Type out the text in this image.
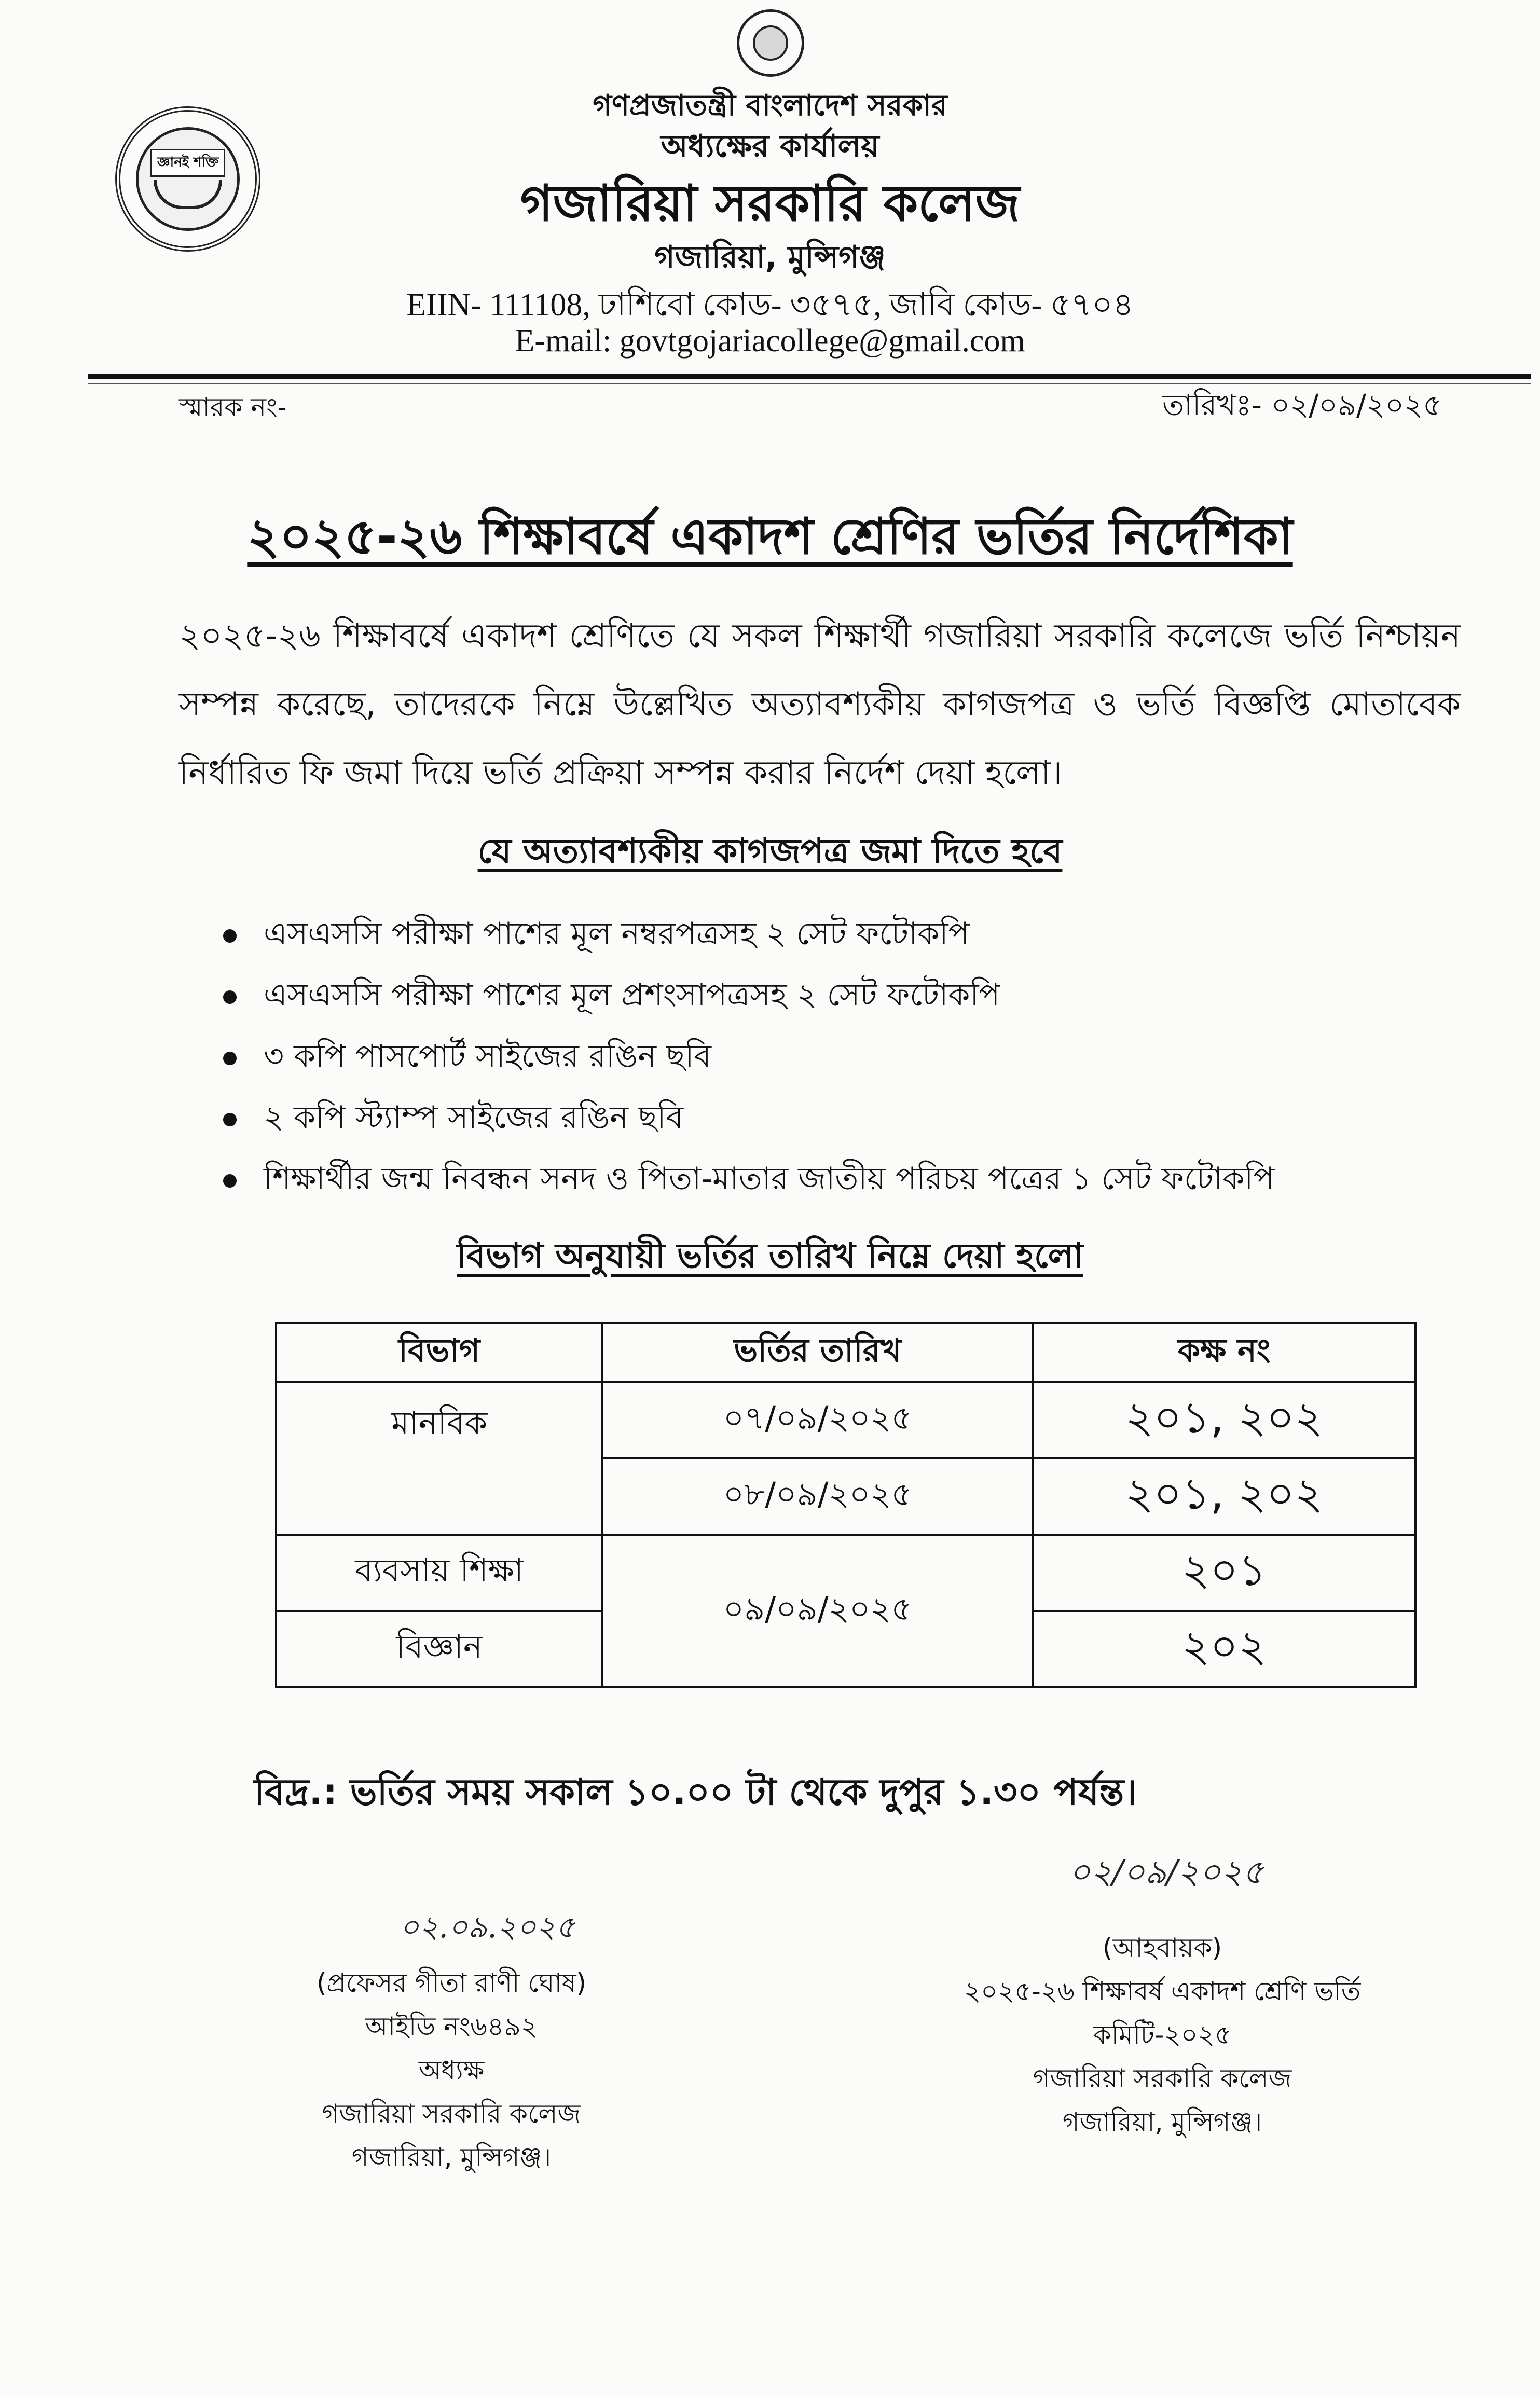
জ্ঞানই শক্তি
গণপ্রজাতন্ত্রী বাংলাদেশ সরকার
অধ্যক্ষের কার্যালয়
গজারিয়া সরকারি কলেজ
গজারিয়া, মুন্সিগঞ্জ
EIIN- 111108, ঢাশিবো কোড- ৩৫৭৫, জাবি কোড- ৫৭০৪
E-mail: govtgojariacollege@gmail.com
স্মারক নং-	তারিখঃ- ০২/০৯/২০২৫
২০২৫-২৬ শিক্ষাবর্ষে একাদশ শ্রেণির ভর্তির নির্দেশিকা
২০২৫-২৬ শিক্ষাবর্ষে একাদশ শ্রেণিতে যে সকল শিক্ষার্থী গজারিয়া সরকারি কলেজে ভর্তি নিশ্চায়ন সম্পন্ন করেছে, তাদেরকে নিম্নে উল্লেখিত অত্যাবশ্যকীয় কাগজপত্র ও ভর্তি বিজ্ঞপ্তি মোতাবেক নির্ধারিত ফি জমা দিয়ে ভর্তি প্রক্রিয়া সম্পন্ন করার নির্দেশ দেয়া হলো।
যে অত্যাবশ্যকীয় কাগজপত্র জমা দিতে হবে
এসএসসি পরীক্ষা পাশের মূল নম্বরপত্রসহ ২ সেট ফটোকপি
এসএসসি পরীক্ষা পাশের মূল প্রশংসাপত্রসহ ২ সেট ফটোকপি
৩ কপি পাসপোর্ট সাইজের রঙিন ছবি
২ কপি স্ট্যাম্প সাইজের রঙিন ছবি
শিক্ষার্থীর জন্ম নিবন্ধন সনদ ও পিতা-মাতার জাতীয় পরিচয় পত্রের ১ সেট ফটোকপি
বিভাগ অনুযায়ী ভর্তির তারিখ নিম্নে দেয়া হলো
বিভাগ	ভর্তির তারিখ	কক্ষ নং
মানবিক	০৭/০৯/২০২৫	২০১, ২০২
	০৮/০৯/২০২৫	২০১, ২০২
ব্যবসায় শিক্ষা	০৯/০৯/২০২৫	২০১
বিজ্ঞান		২০২
বিদ্র.: ভর্তির সময় সকাল ১০.০০ টা থেকে দুপুর ১.৩০ পর্যন্ত।
০২.০৯.২০২৫
(প্রফেসর গীতা রাণী ঘোষ)
আইডি নং৬৪৯২
অধ্যক্ষ
গজারিয়া সরকারি কলেজ
গজারিয়া, মুন্সিগঞ্জ।
০২/০৯/২০২৫
(আহবায়ক)
২০২৫-২৬ শিক্ষাবর্ষ একাদশ শ্রেণি ভর্তি
কমিটি-২০২৫
গজারিয়া সরকারি কলেজ
গজারিয়া, মুন্সিগঞ্জ।
